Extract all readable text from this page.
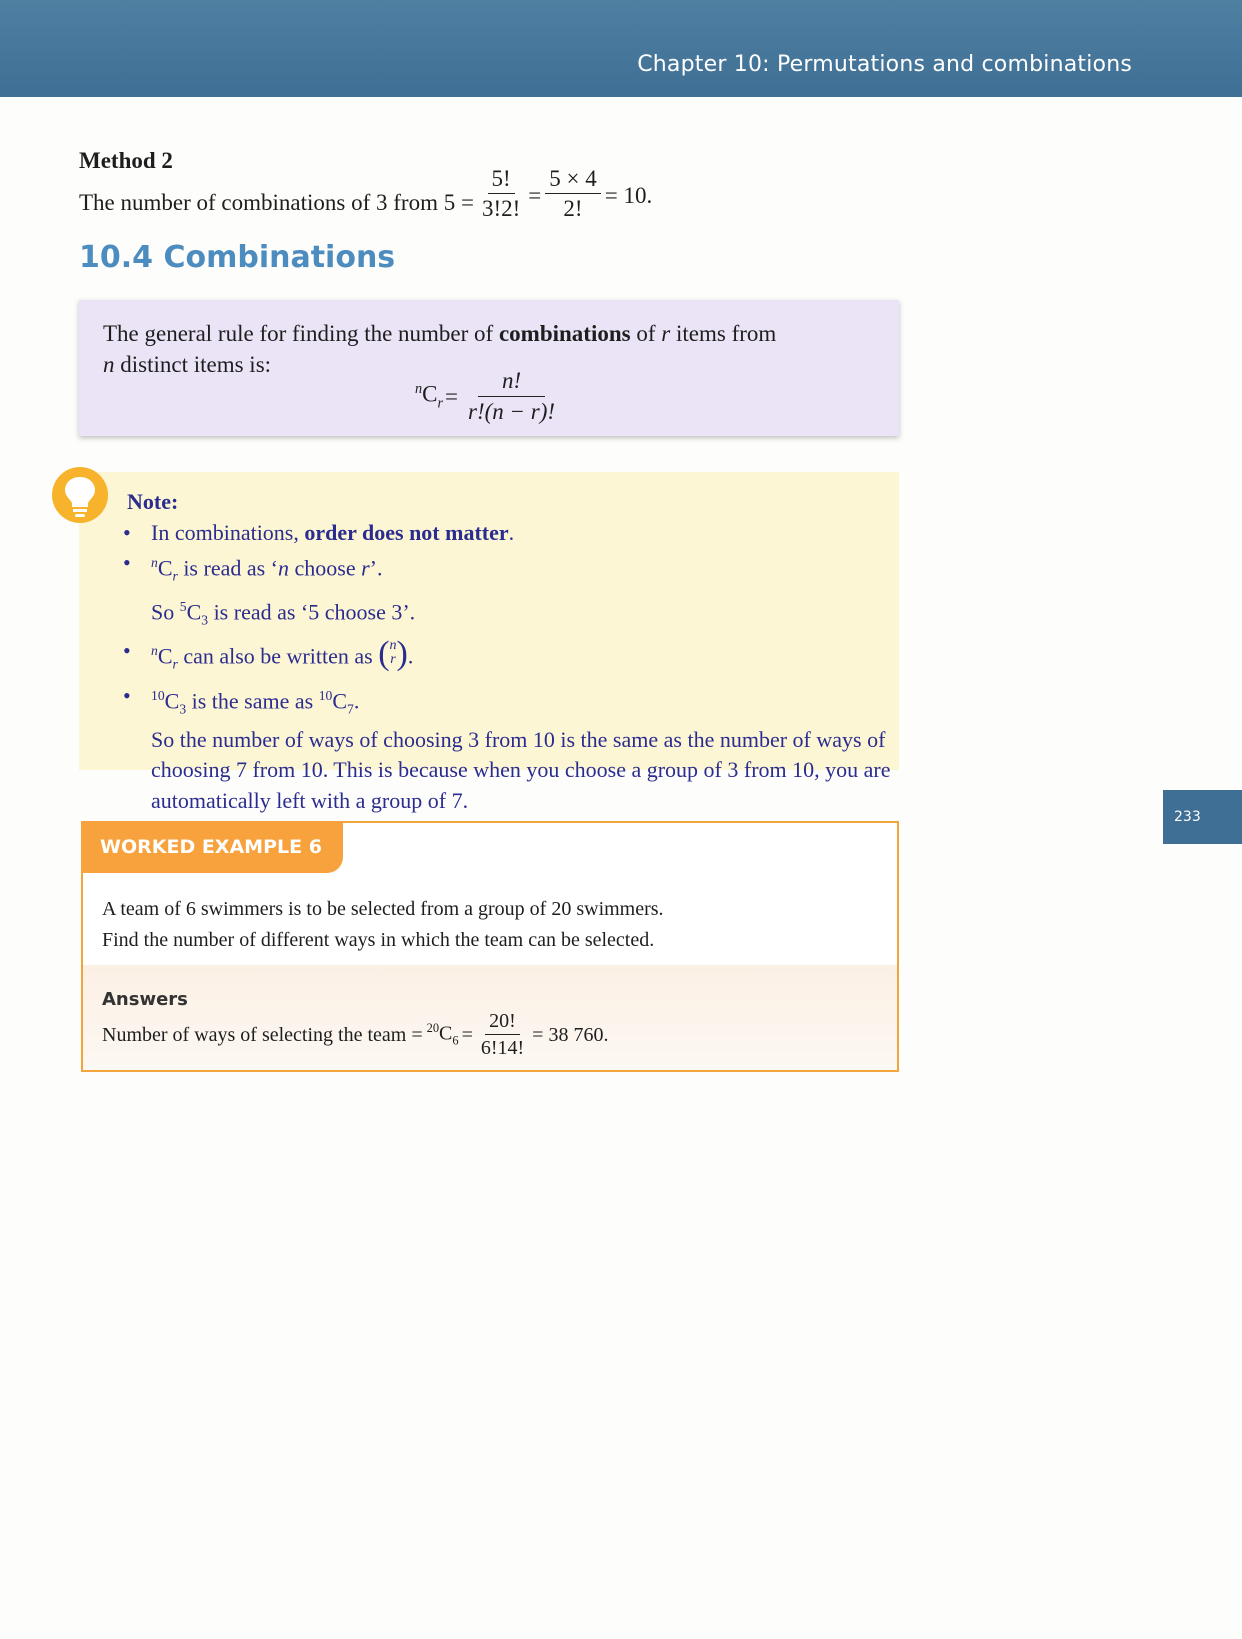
Chapter 10: Permutations and combinations
233
Method 2
The number of combinations of 3 from $5 = \frac{5!}{3!2!} = \frac{5 \times 4}{2!} = 10$.
10.4 Combinations
The general rule for finding the number of combinations of r items from
n distinct items is:
$^nC_r = \frac{n!}{r!(n - r)!}$
Note:
• In combinations, order does not matter.
• $^nC_r$ is read as ‘n choose r’.
So $^5C_3$ is read as ‘5 choose 3’.
• $^nC_r$ can also be written as ( n
r ) .
• $^{10}C_3$ is the same as $^{10}C_7$.
So the number of ways of choosing 3 from 10 is the same as the number of ways of choosing 7 from 10. This is because when you choose a group of 3 from 10, you are automatically left with a group of 7.
WORKED EXAMPLE 6
A team of 6 swimmers is to be selected from a group of 20 swimmers.
Find the number of different ways in which the team can be selected.
Answers
Number of ways of selecting the team = $^{20}C_6 = \frac{20!}{6!14!} = 38$ 760.
